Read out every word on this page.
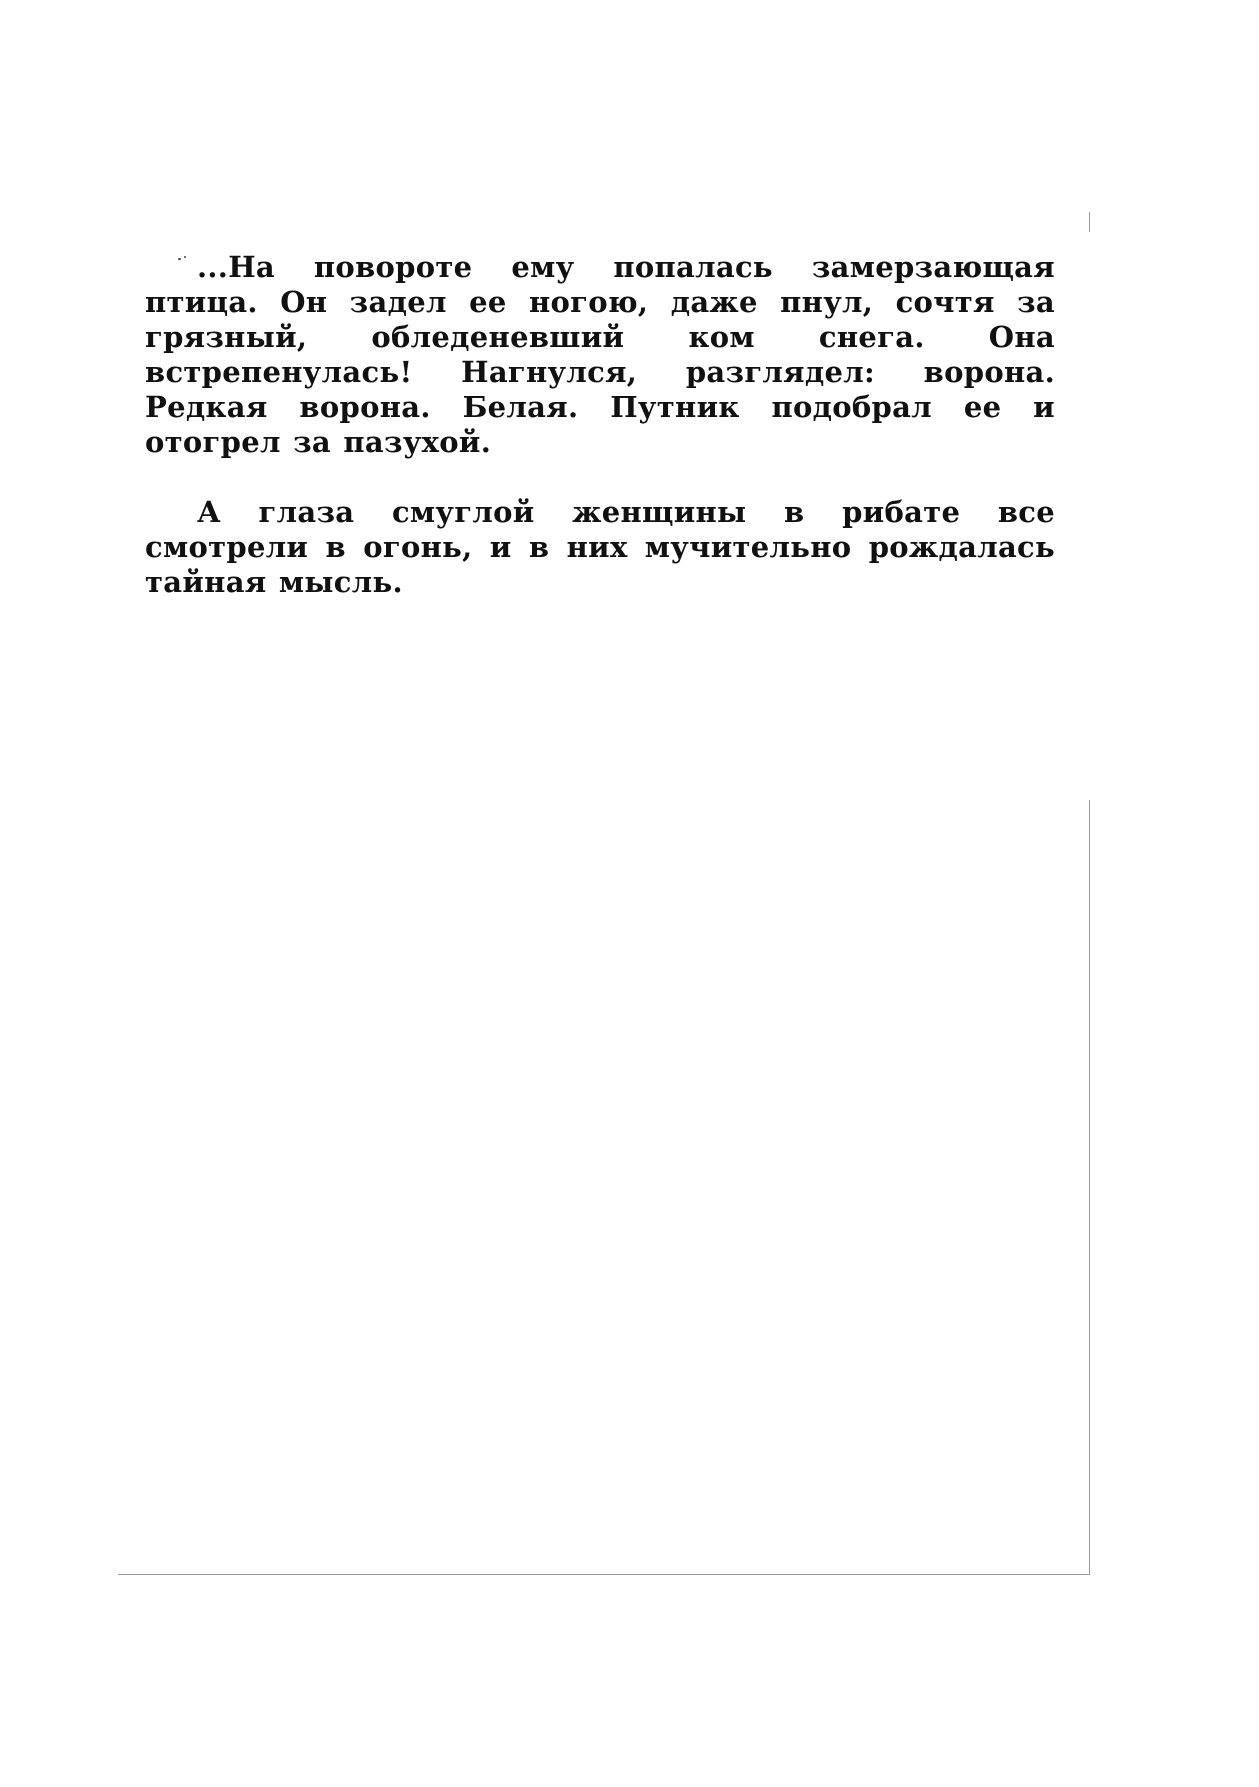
...На повороте ему попалась замерзающая птица. Он задел ее ногою, даже пнул, сочтя за грязный, обледеневший ком снега. Она встрепенулась! Нагнулся, разглядел: ворона. Редкая ворона. Белая. Путник подобрал ее и отогрел за пазухой.

А глаза смуглой женщины в рибате все смотрели в огонь, и в них мучительно рождалась тайная мысль.
